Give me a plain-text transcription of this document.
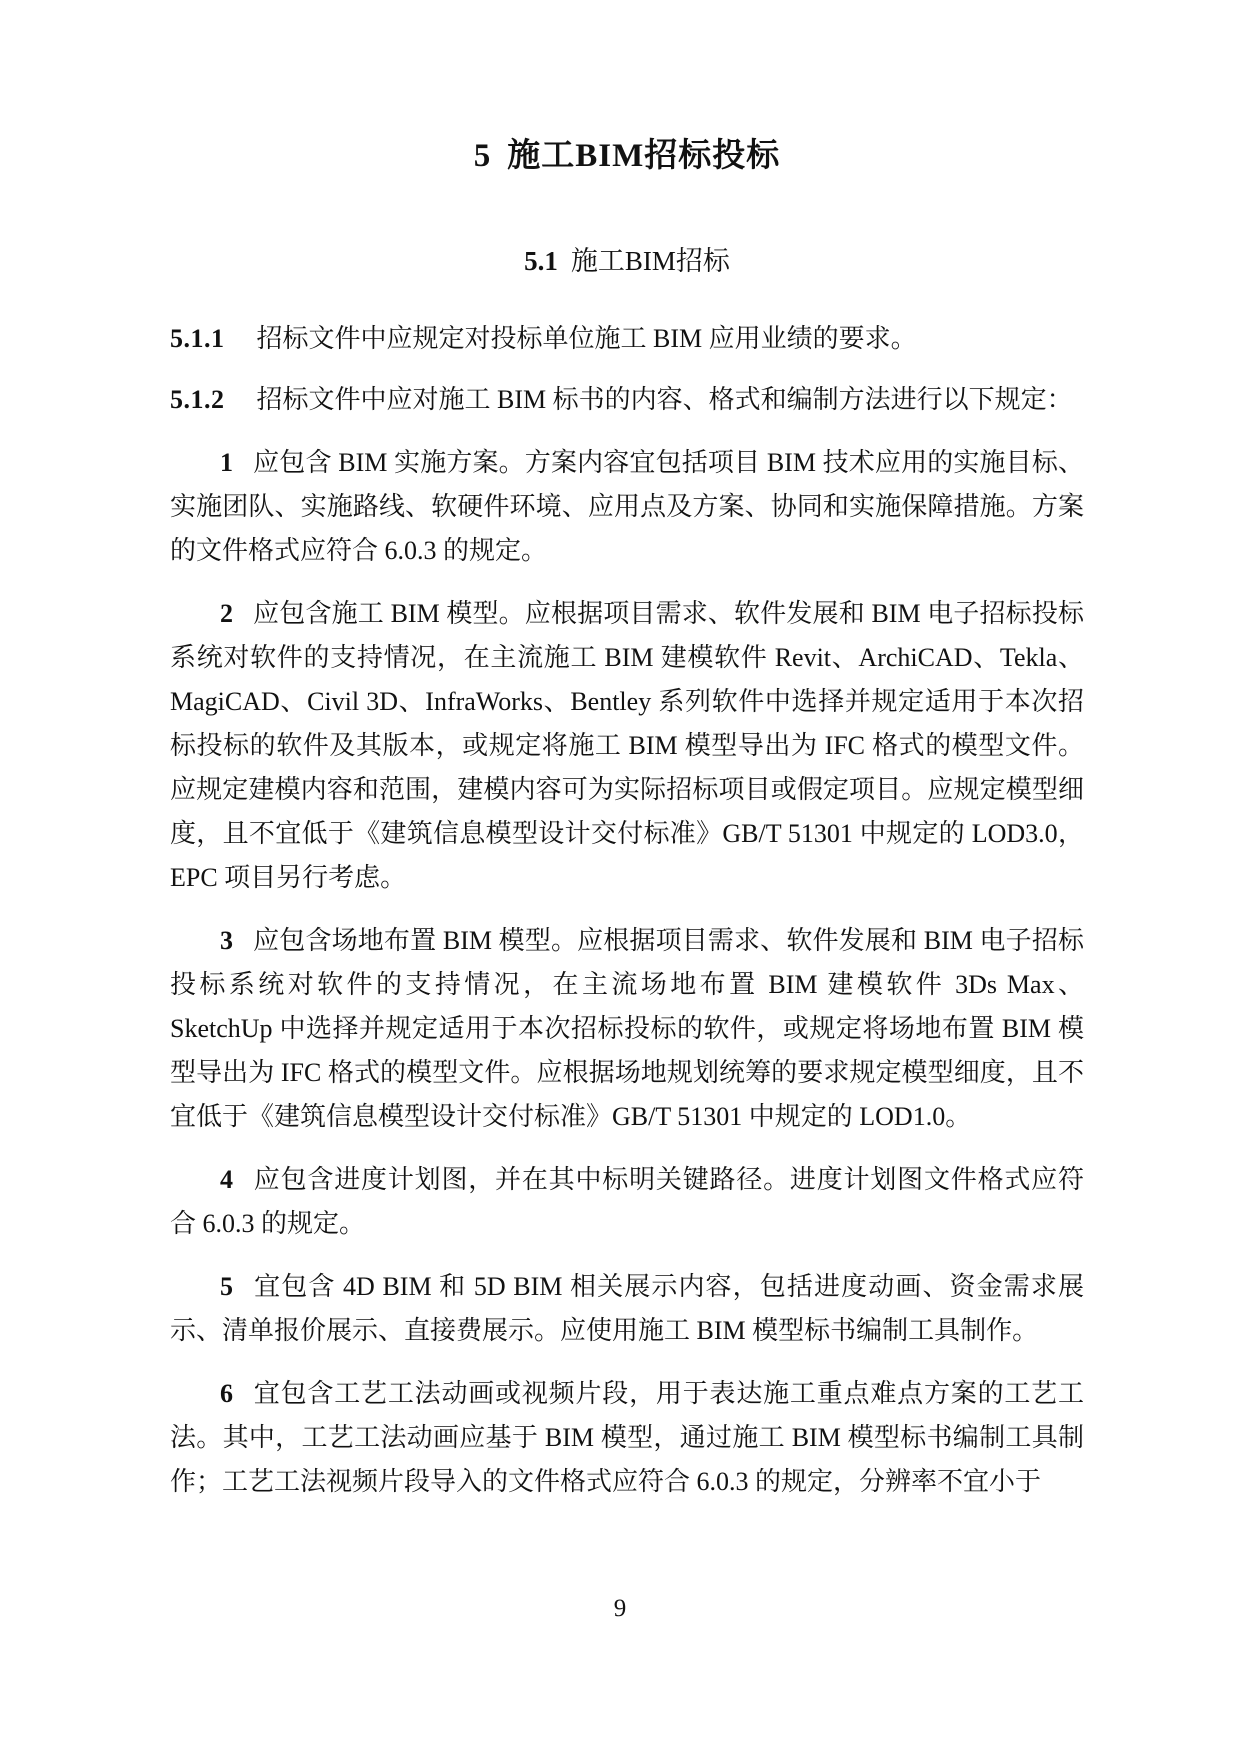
5 施工BIM招标投标
5.1 施工BIM招标

5.1.1 招标文件中应规定对投标单位施工 BIM 应用业绩的要求。

5.1.2 招标文件中应对施工 BIM 标书的内容、格式和编制方法进行以下规定：

1 应包含 BIM 实施方案。方案内容宜包括项目 BIM 技术应用的实施目标、实施团队、实施路线、软硬件环境、应用点及方案、协同和实施保障措施。方案的文件格式应符合 6.0.3 的规定。

2 应包含施工 BIM 模型。应根据项目需求、软件发展和 BIM 电子招标投标系统对软件的支持情况，在主流施工 BIM 建模软件 Revit、ArchiCAD、Tekla、MagiCAD、Civil 3D、InfraWorks、Bentley 系列软件中选择并规定适用于本次招标投标的软件及其版本，或规定将施工 BIM 模型导出为 IFC 格式的模型文件。应规定建模内容和范围，建模内容可为实际招标项目或假定项目。应规定模型细度，且不宜低于《建筑信息模型设计交付标准》GB/T 51301 中规定的 LOD3.0，EPC 项目另行考虑。

3 应包含场地布置 BIM 模型。应根据项目需求、软件发展和 BIM 电子招标投标系统对软件的支持情况，在主流场地布置 BIM 建模软件 3Ds Max、SketchUp 中选择并规定适用于本次招标投标的软件，或规定将场地布置 BIM 模型导出为 IFC 格式的模型文件。应根据场地规划统筹的要求规定模型细度，且不宜低于《建筑信息模型设计交付标准》GB/T 51301 中规定的 LOD1.0。

4 应包含进度计划图，并在其中标明关键路径。进度计划图文件格式应符合 6.0.3 的规定。

5 宜包含 4D BIM 和 5D BIM 相关展示内容，包括进度动画、资金需求展示、清单报价展示、直接费展示。应使用施工 BIM 模型标书编制工具制作。

6 宜包含工艺工法动画或视频片段，用于表达施工重点难点方案的工艺工法。其中，工艺工法动画应基于 BIM 模型，通过施工 BIM 模型标书编制工具制作；工艺工法视频片段导入的文件格式应符合 6.0.3 的规定，分辨率不宜小于

9
